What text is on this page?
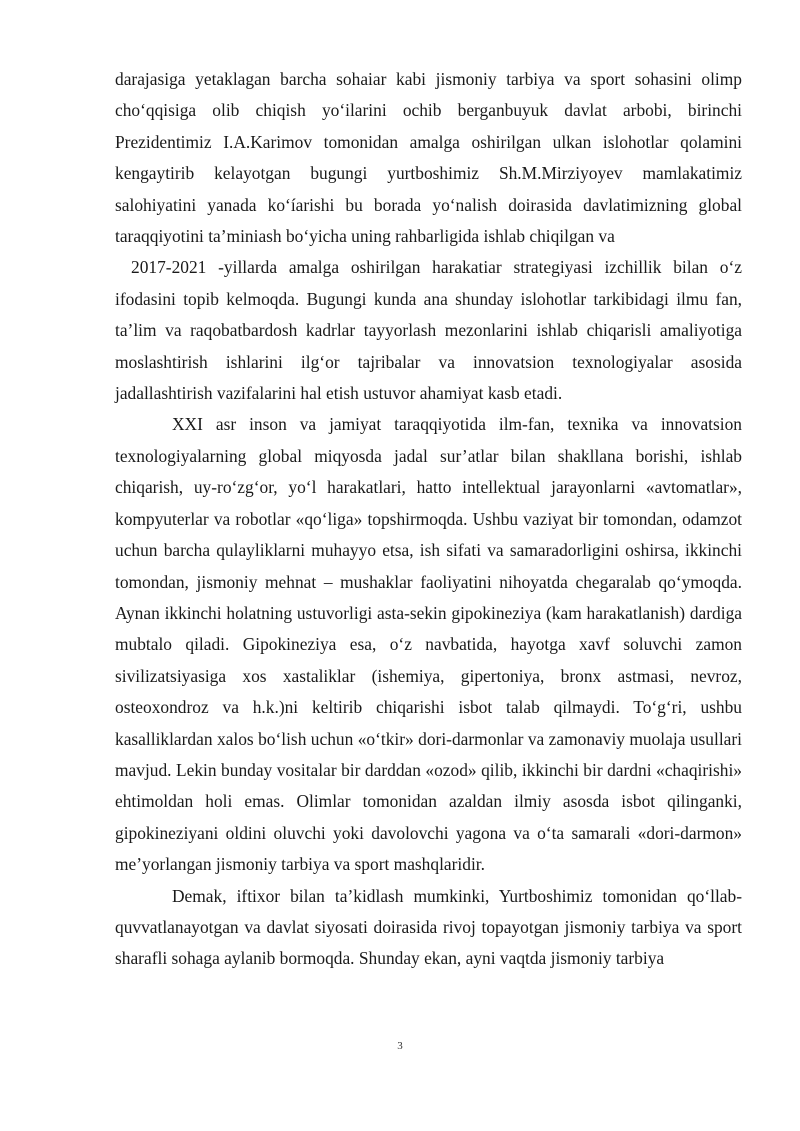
darajasiga yetaklagan barcha sohaiar kabi jismoniy tarbiya va sport sohasini olimp cho‘qqisiga olib chiqish yo‘ilarini ochib berganbuyuk davlat arbobi, birinchi Prezidentimiz I.A.Karimov tomonidan amalga oshirilgan ulkan islohotlar qolamini kengaytirib kelayotgan bugungi yurtboshimiz Sh.M.Mirziyoyev mamlakatimiz salohiyatini yanada ko‘íarishi bu borada yo‘nalish doirasida davlatimizning global taraqqiyotini ta’miniash bo‘yicha uning rahbarligida ishlab chiqilgan va

2017-2021 -yillarda amalga oshirilgan harakatiar strategiyasi izchillik bilan o‘z ifodasini topib kelmoqda. Bugungi kunda ana shunday islohotlar tarkibidagi ilmu fan, ta’lim va raqobatbardosh kadrlar tayyorlash mezonlarini ishlab chiqarisli amaliyotiga moslashtirish ishlarini ilg‘or tajribalar va innovatsion texnologiyalar asosida jadallashtirish vazifalarini hal etish ustuvor ahamiyat kasb etadi.

XXI asr inson va jamiyat taraqqiyotida ilm-fan, texnika va innovatsion texnologiyalarning global miqyosda jadal sur’atlar bilan shakllana borishi, ishlab chiqarish, uy-ro‘zg‘or, yo‘l harakatlari, hatto intellektual jarayonlarni «avtomatlar», kompyuterlar va robotlar «qo‘liga» topshirmoqda. Ushbu vaziyat bir tomondan, odamzot uchun barcha qulayliklarni muhayyo etsa, ish sifati va samaradorligini oshirsa, ikkinchi tomondan, jismoniy mehnat – mushaklar faoliyatini nihoyatda chegaralab qo‘ymoqda. Aynan ikkinchi holatning ustuvorligi asta-sekin gipokineziya (kam harakatlanish) dardiga mubtalo qiladi. Gipokineziya esa, o‘z navbatida, hayotga xavf soluvchi zamon sivilizatsiyasiga xos xastaliklar (ishemiya, gipertoniya, bronx astmasi, nevroz, osteoxondroz va h.k.)ni keltirib chiqarishi isbot talab qilmaydi. To‘g‘ri, ushbu kasalliklardan xalos bo‘lish uchun «o‘tkir» dori-darmonlar va zamonaviy muolaja usullari mavjud. Lekin bunday vositalar bir darddan «ozod» qilib, ikkinchi bir dardni «chaqirishi» ehtimoldan holi emas. Olimlar tomonidan azaldan ilmiy asosda isbot qilinganki, gipokineziyani oldini oluvchi yoki davolovchi yagona va o‘ta samarali «dori-darmon» me’yorlangan jismoniy tarbiya va sport mashqlaridir.

Demak, iftixor bilan ta’kidlash mumkinki, Yurtboshimiz tomonidan qo‘llab-quvvatlanayotgan va davlat siyosati doirasida rivoj topayotgan jismoniy tarbiya va sport sharafli sohaga aylanib bormoqda. Shunday ekan, ayni vaqtda jismoniy tarbiya

3
